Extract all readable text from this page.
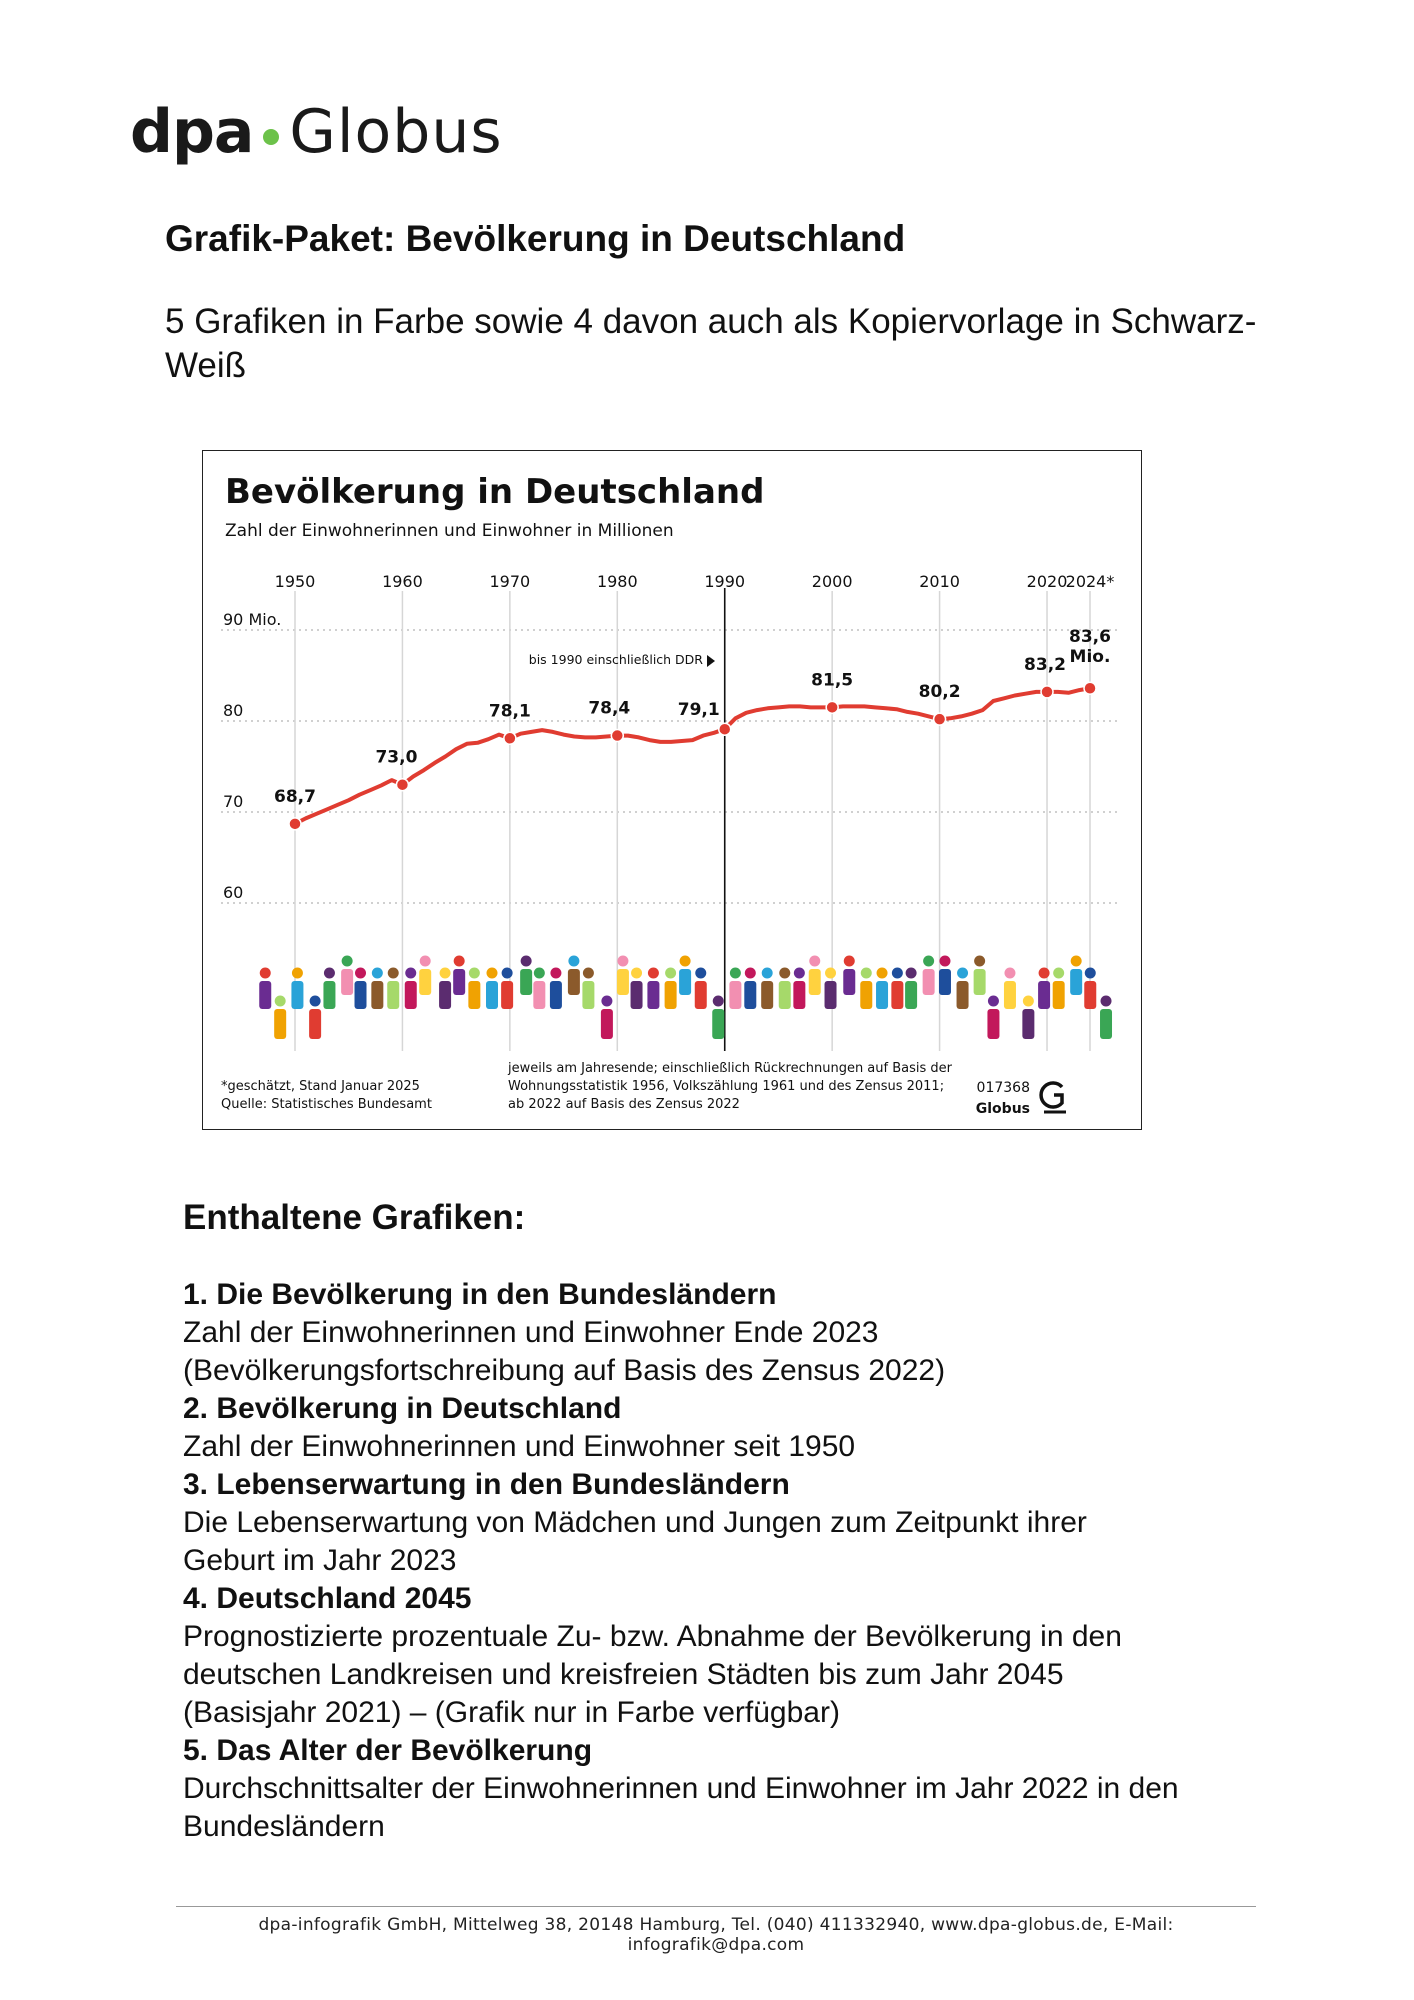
dpa Globus
Grafik-Paket: Bevölkerung in Deutschland

5 Grafiken in Farbe sowie 4 davon auch als Kopiervorlage in Schwarz-Weiß

Bevölkerung in Deutschland
Zahl der Einwohnerinnen und Einwohner in Millionen
90 Mio.
80
70
60
1950	1960	1970	1980	1990	2000	2010	2020
2024*
68,7
73,0
78,1	78,4	79,1
81,5
80,2
83,2
83,6
Mio.
bis 1990 einschließlich DDR
*geschätzt, Stand Januar 2025
Quelle: Statistisches Bundesamt
jeweils am Jahresende; einschließlich Rückrechnungen auf Basis der
Wohnungsstatistik 1956, Volkszählung 1961 und des Zensus 2011;
ab 2022 auf Basis des Zensus 2022
017368
Globus
Enthaltene Grafiken:
1. Die Bevölkerung in den Bundesländern
Zahl der Einwohnerinnen und Einwohner Ende 2023
(Bevölkerungsfortschreibung auf Basis des Zensus 2022)
2. Bevölkerung in Deutschland
Zahl der Einwohnerinnen und Einwohner seit 1950
3. Lebenserwartung in den Bundesländern
Die Lebenserwartung von Mädchen und Jungen zum Zeitpunkt ihrer
Geburt im Jahr 2023
4. Deutschland 2045
Prognostizierte prozentuale Zu- bzw. Abnahme der Bevölkerung in den
deutschen Landkreisen und kreisfreien Städten bis zum Jahr 2045
(Basisjahr 2021) – (Grafik nur in Farbe verfügbar)
5. Das Alter der Bevölkerung
Durchschnittsalter der Einwohnerinnen und Einwohner im Jahr 2022 in den
Bundesländern
dpa-infografik GmbH, Mittelweg 38, 20148 Hamburg, Tel. (040) 411332940, www.dpa-globus.de, E-Mail: infografik@dpa.com
